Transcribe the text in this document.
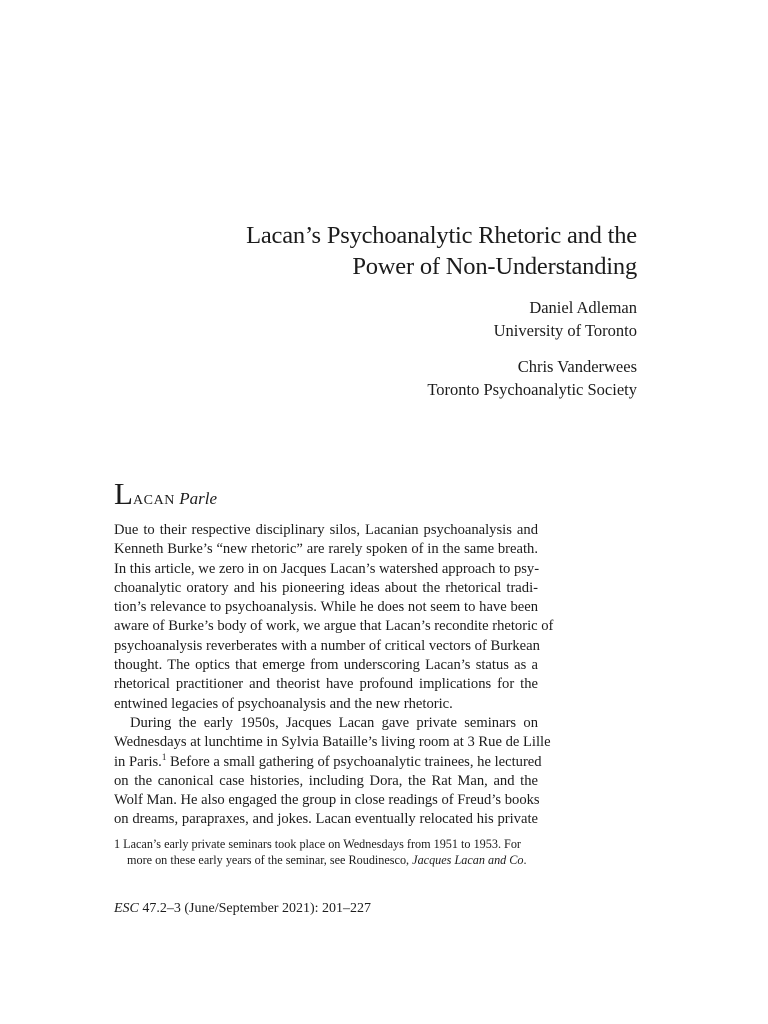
Lacan’s Psychoanalytic Rhetoric and the
Power of Non-Understanding
Daniel Adleman
University of Toronto
Chris Vanderwees
Toronto Psychoanalytic Society
LACAN Parle
Due to their respective disciplinary silos, Lacanian psychoanalysis and
Kenneth Burke’s “new rhetoric” are rarely spoken of in the same breath.
In this article, we zero in on Jacques Lacan’s watershed approach to psy-
choanalytic oratory and his pioneering ideas about the rhetorical tradi-
tion’s relevance to psychoanalysis. While he does not seem to have been
aware of Burke’s body of work, we argue that Lacan’s recondite rhetoric of
psychoanalysis reverberates with a number of critical vectors of Burkean
thought. The optics that emerge from underscoring Lacan’s status as a
rhetorical practitioner and theorist have profound implications for the
entwined legacies of psychoanalysis and the new rhetoric.
During the early 1950s, Jacques Lacan gave private seminars on
Wednesdays at lunchtime in Sylvia Bataille’s living room at 3 Rue de Lille
in Paris.$^1$ Before a small gathering of psychoanalytic trainees, he lectured
on the canonical case histories, including Dora, the Rat Man, and the
Wolf Man. He also engaged the group in close readings of Freud’s books
on dreams, parapraxes, and jokes. Lacan eventually relocated his private
1 Lacan’s early private seminars took place on Wednesdays from 1951 to 1953. For
more on these early years of the seminar, see Roudinesco, Jacques Lacan and Co.
ESC 47.2–3 (June/September 2021): 201–227
